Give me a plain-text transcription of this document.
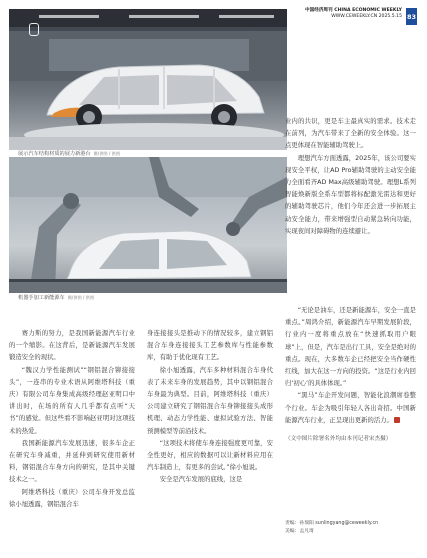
中国经济周刊 CHINA ECONOMIC WEEKLY
WWW.CEWEEKLY.CN 2025.5.15 83
展示汽车结构材质的展力新港台 摄/供图 / 供图
机器手加工新能源车 摄/供图 / 供图

业内的共识，更是车主最真实的需求。技术走在前列，为汽车带来了全新的安全体验。这一点更体现在智能辅助驾驶上。

理想汽车方面透露，2025年，该公司要实现安全平权，让AD Pro辅助驾驶的主动安全能力全面看齐AD Max高级辅助驾驶。理想L系列智能焕新版全系车型都将标配激光雷达和更好的辅助驾驶芯片，他们今年还会进一步拓展主动安全能力，带来增强型自动紧急转向功能，实现夜间对障碍物的连续避让。

赛力斯的努力，是我国新能源汽车行业的一个缩影。在这背后，是新能源汽车发展锻造安全的现状。

“魏汉力学性能测试”“钢铝混合铆接接头”，一连串的专业术语从阿维塔科技（重庆）有限公司车身集成高级经理赵亚明口中讲出时，在场的所有人几乎都有点听“天书”的感觉。但这些看不影响赵亚明对这项技术的热爱。

我国新能源汽车发展迅速，很多车企正在研究车身减重，并延伸到研究使用新材料，钢铝混合车身方向的研究，是其中关键技术之一。

阿维塔科技（重庆）公司车身开发总监徐小旭透露，钢铝混合车

身连接接头是推动下的情况较多，建立钢铝混合车身连接接头工艺参数库与性能参数库，有助于优化现有工艺。

徐小旭透露，汽车多种材料混合车身代表了未来车身的发展趋势，其中以钢铝混合车身最为典型。目前，阿维塔科技（重庆）公司建立研究了钢铝混合车身铆接接头成形机理、动态力学性能、虚拟试验方法、智能预测模型等前沿技术。

“这项技术将使车身连接强度更可靠，安全性更好，相应的数据可以让新材料应用在汽车制造上，有更多的尝试。”徐小旭说。

安全是汽车发展的底线，这是

“无论是油车，还是新能源车，安全一直是重点。”周鸿介绍，新能源汽车早期发展阶段，行业内一度将重点放在“快速抓取用户眼球”上，但是，汽车是出行工具，安全是绝对的重点。现在，大多数车企已经把安全当作硬性红线，加大在这一方向的投资。“这是行业内回归‘初心’的具体体现。”

“黑马”车企开发问题，智能化浪潮席卷整个行业。车企为吸引年轻人各出奇招。中国新能源汽车行业，正呈现出更新的活力。

（文中图片除署名外均由本刊记者宋杰摄）

责编：孙瑞阳 sunlingyang@ceweekly.cn
美编：孟凡琦
